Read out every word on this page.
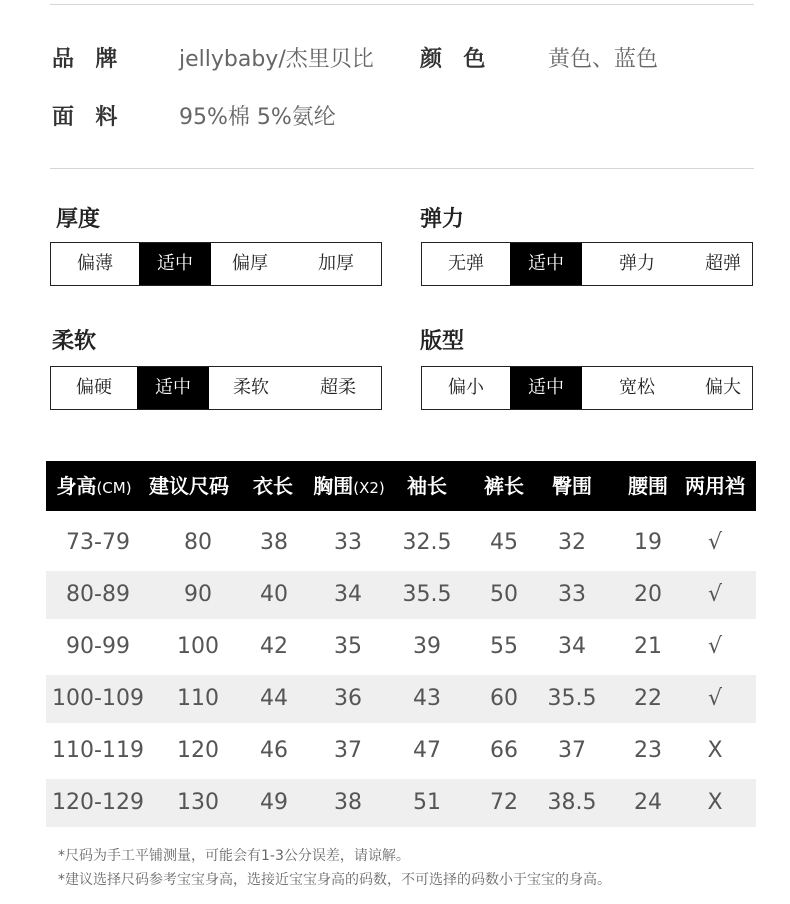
品  牌	jellybaby/杰里贝比 颜  色	黄色、蓝色
面  料	95%棉 5%氨纶
厚度
偏薄	适中	偏厚	加厚
弹力
无弹	适中	弹力	超弹
柔软
偏硬	适中	柔软	超柔
版型
偏小	适中	宽松	偏大
身高(CM) 建议尺码	衣长	胸围(X2)	袖长	裤长	臀围	腰围 两用裆
73-79	80	38	33	32.5	45	32	19	√
80-89	90	40	34	35.5	50	33	20	√
90-99	100	42	35	39	55	34	21	√
100-109	110	44	36	43	60	35.5	22	√
110-119	120	46	37	47	66	37	23	X
120-129	130	49	38	51	72	38.5	24	X
*尺码为手工平铺测量，可能会有1-3公分误差，请谅解。
*建议选择尺码参考宝宝身高，选接近宝宝身高的码数，不可选择的码数小于宝宝的身高。
